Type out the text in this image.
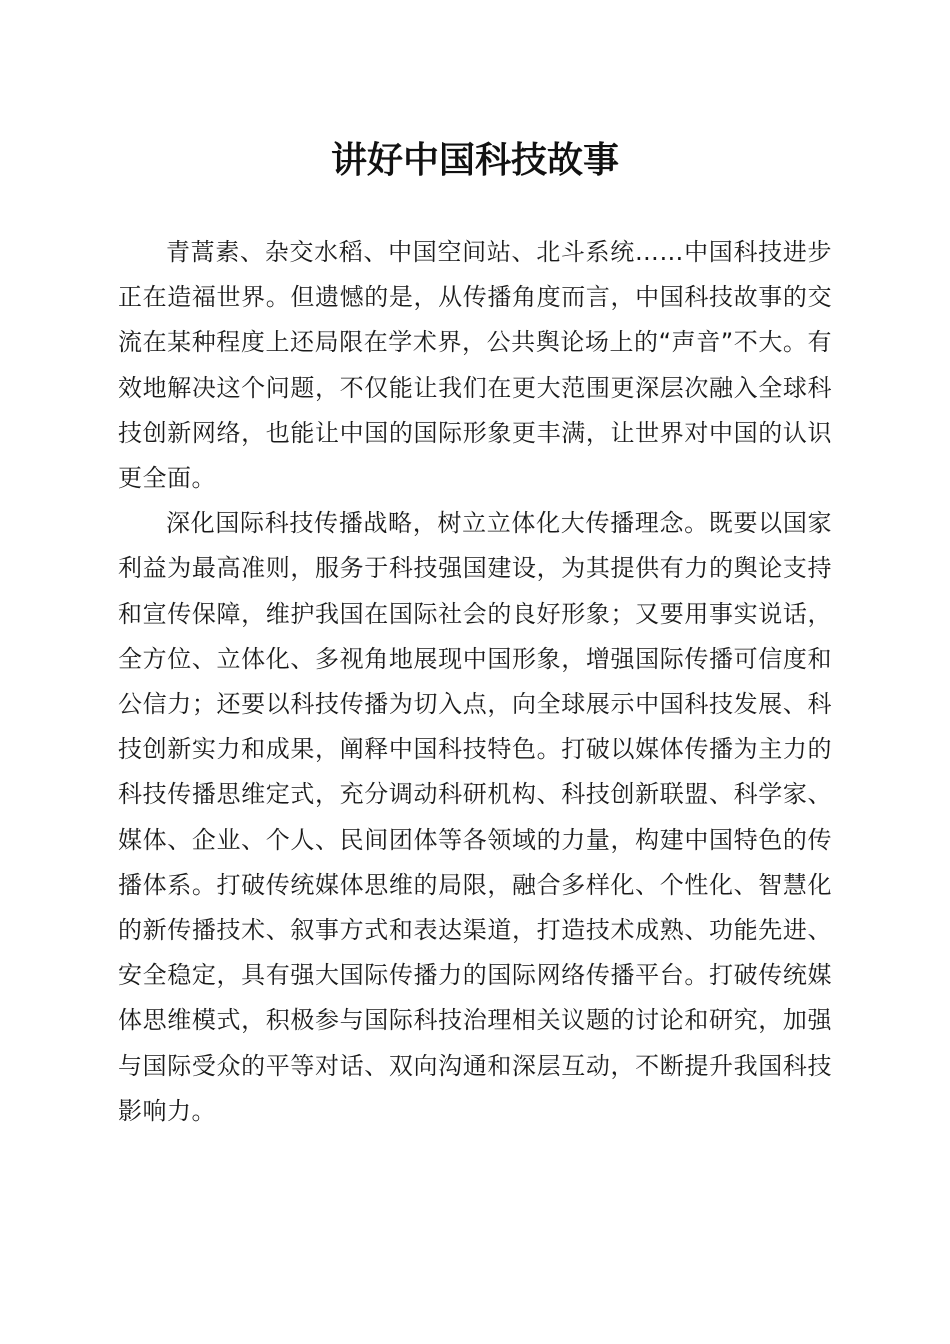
讲好中国科技故事

青蒿素、杂交水稻、中国空间站、北斗系统……中国科技进步正在造福世界。但遗憾的是，从传播角度而言，中国科技故事的交流在某种程度上还局限在学术界，公共舆论场上的“声音”不大。有效地解决这个问题，不仅能让我们在更大范围更深层次融入全球科技创新网络，也能让中国的国际形象更丰满，让世界对中国的认识更全面。

深化国际科技传播战略，树立立体化大传播理念。既要以国家利益为最高准则，服务于科技强国建设，为其提供有力的舆论支持和宣传保障，维护我国在国际社会的良好形象；又要用事实说话，全方位、立体化、多视角地展现中国形象，增强国际传播可信度和公信力；还要以科技传播为切入点，向全球展示中国科技发展、科技创新实力和成果，阐释中国科技特色。打破以媒体传播为主力的科技传播思维定式，充分调动科研机构、科技创新联盟、科学家、媒体、企业、个人、民间团体等各领域的力量，构建中国特色的传播体系。打破传统媒体思维的局限，融合多样化、个性化、智慧化的新传播技术、叙事方式和表达渠道，打造技术成熟、功能先进、安全稳定，具有强大国际传播力的国际网络传播平台。打破传统媒体思维模式，积极参与国际科技治理相关议题的讨论和研究，加强与国际受众的平等对话、双向沟通和深层互动，不断提升我国科技影响力。
